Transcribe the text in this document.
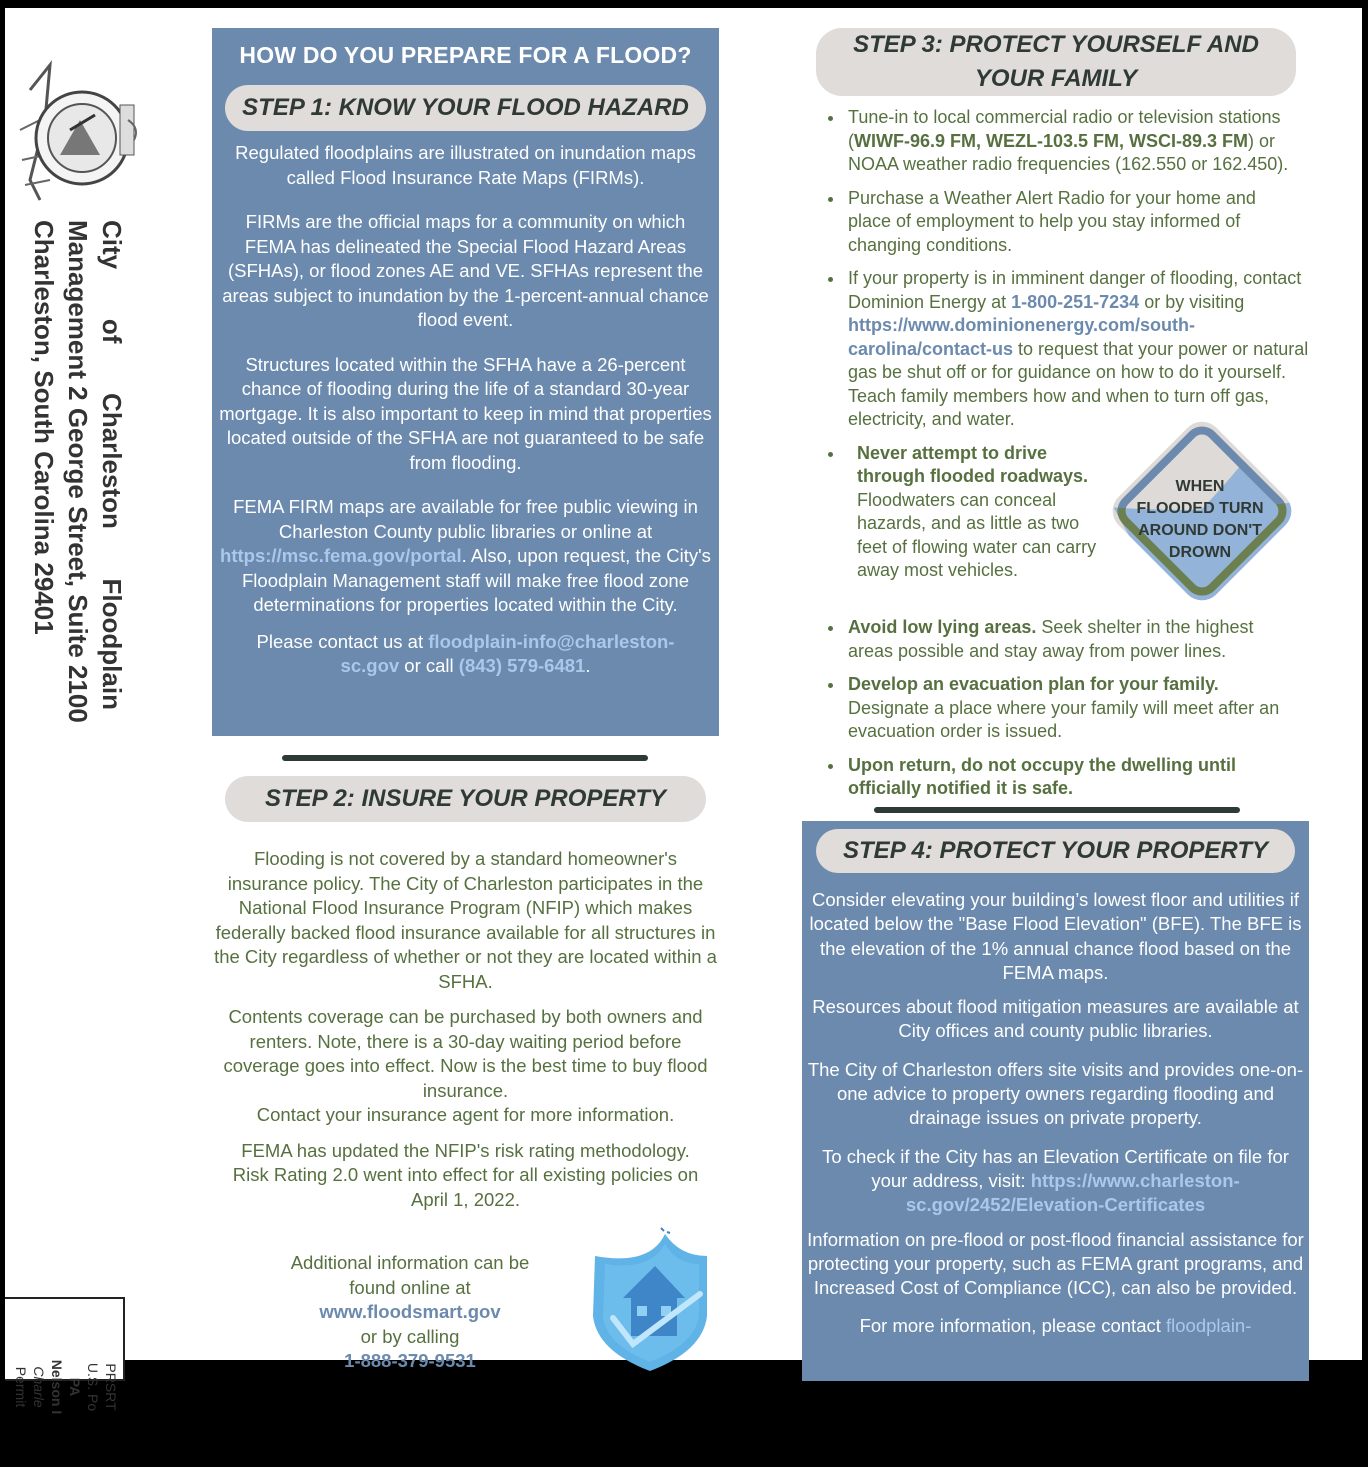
City
of
Charleston
Floodplain
Management 2 George Street, Suite 2100
Charleston, South Carolina 29401
PRSRT
U.S. Po
PA
Nelson I
Charle
Permit
HOW DO YOU PREPARE FOR A FLOOD?
STEP 1: KNOW YOUR FLOOD HAZARD

Regulated floodplains are illustrated on inundation maps called Flood Insurance Rate Maps (FIRMs).

FIRMs are the official maps for a community on which FEMA has delineated the Special Flood Hazard Areas (SFHAs), or flood zones AE and VE. SFHAs represent the areas subject to inundation by the 1-percent-annual chance flood event.

Structures located within the SFHA have a 26-percent chance of flooding during the life of a standard 30-year mortgage. It is also important to keep in mind that properties located outside of the SFHA are not guaranteed to be safe from flooding.

FEMA FIRM maps are available for free public viewing in Charleston County public libraries or online at https://msc.fema.gov/portal. Also, upon request, the City's Floodplain Management staff will make free flood zone determinations for properties located within the City.

Please contact us at floodplain-info@charleston-sc.gov or call (843) 579-6481.

STEP 2: INSURE YOUR PROPERTY

Flooding is not covered by a standard homeowner's insurance policy. The City of Charleston participates in the National Flood Insurance Program (NFIP) which makes federally backed flood insurance available for all structures in the City regardless of whether or not they are located within a SFHA.

Contents coverage can be purchased by both owners and renters. Note, there is a 30-day waiting period before coverage goes into effect. Now is the best time to buy flood insurance.

Contact your insurance agent for more information.

FEMA has updated the NFIP's risk rating methodology. Risk Rating 2.0 went into effect for all existing policies on April 1, 2022.

Additional information can be
found online at
www.floodsmart.gov
or by calling
1-888-379-9531
STEP 3: PROTECT YOURSELF AND
YOUR FAMILY
Tune-in to local commercial radio or television stations (WIWF-96.9 FM, WEZL-103.5 FM, WSCI-89.3 FM) or NOAA weather radio frequencies (162.550 or 162.450).
Purchase a Weather Alert Radio for your home and place of employment to help you stay informed of changing conditions.
If your property is in imminent danger of flooding, contact Dominion Energy at 1-800-251-7234 or by visiting https://www.dominionenergy.com/south-carolina/contact-us to request that your power or natural gas be shut off or for guidance on how to do it yourself. Teach family members how and when to turn off gas, electricity, and water.
Never attempt to drive through flooded roadways. Floodwaters can conceal hazards, and as little as two feet of flowing water can carry away most vehicles.
WHEN
FLOODED TURN
AROUND DON'T
DROWN
Avoid low lying areas. Seek shelter in the highest areas possible and stay away from power lines.
Develop an evacuation plan for your family. Designate a place where your family will meet after an evacuation order is issued.
Upon return, do not occupy the dwelling until officially notified it is safe.
STEP 4: PROTECT YOUR PROPERTY

Consider elevating your building’s lowest floor and utilities if located below the "Base Flood Elevation" (BFE). The BFE is the elevation of the 1% annual chance flood based on the FEMA maps.

Resources about flood mitigation measures are available at City offices and county public libraries.

The City of Charleston offers site visits and provides one-on-one advice to property owners regarding flooding and drainage issues on private property.

To check if the City has an Elevation Certificate on file for your address, visit: https://www.charleston-sc.gov/2452/Elevation-Certificates

Information on pre-flood or post-flood financial assistance for protecting your property, such as FEMA grant programs, and Increased Cost of Compliance (ICC), can also be provided.

For more information, please contact floodplain-
